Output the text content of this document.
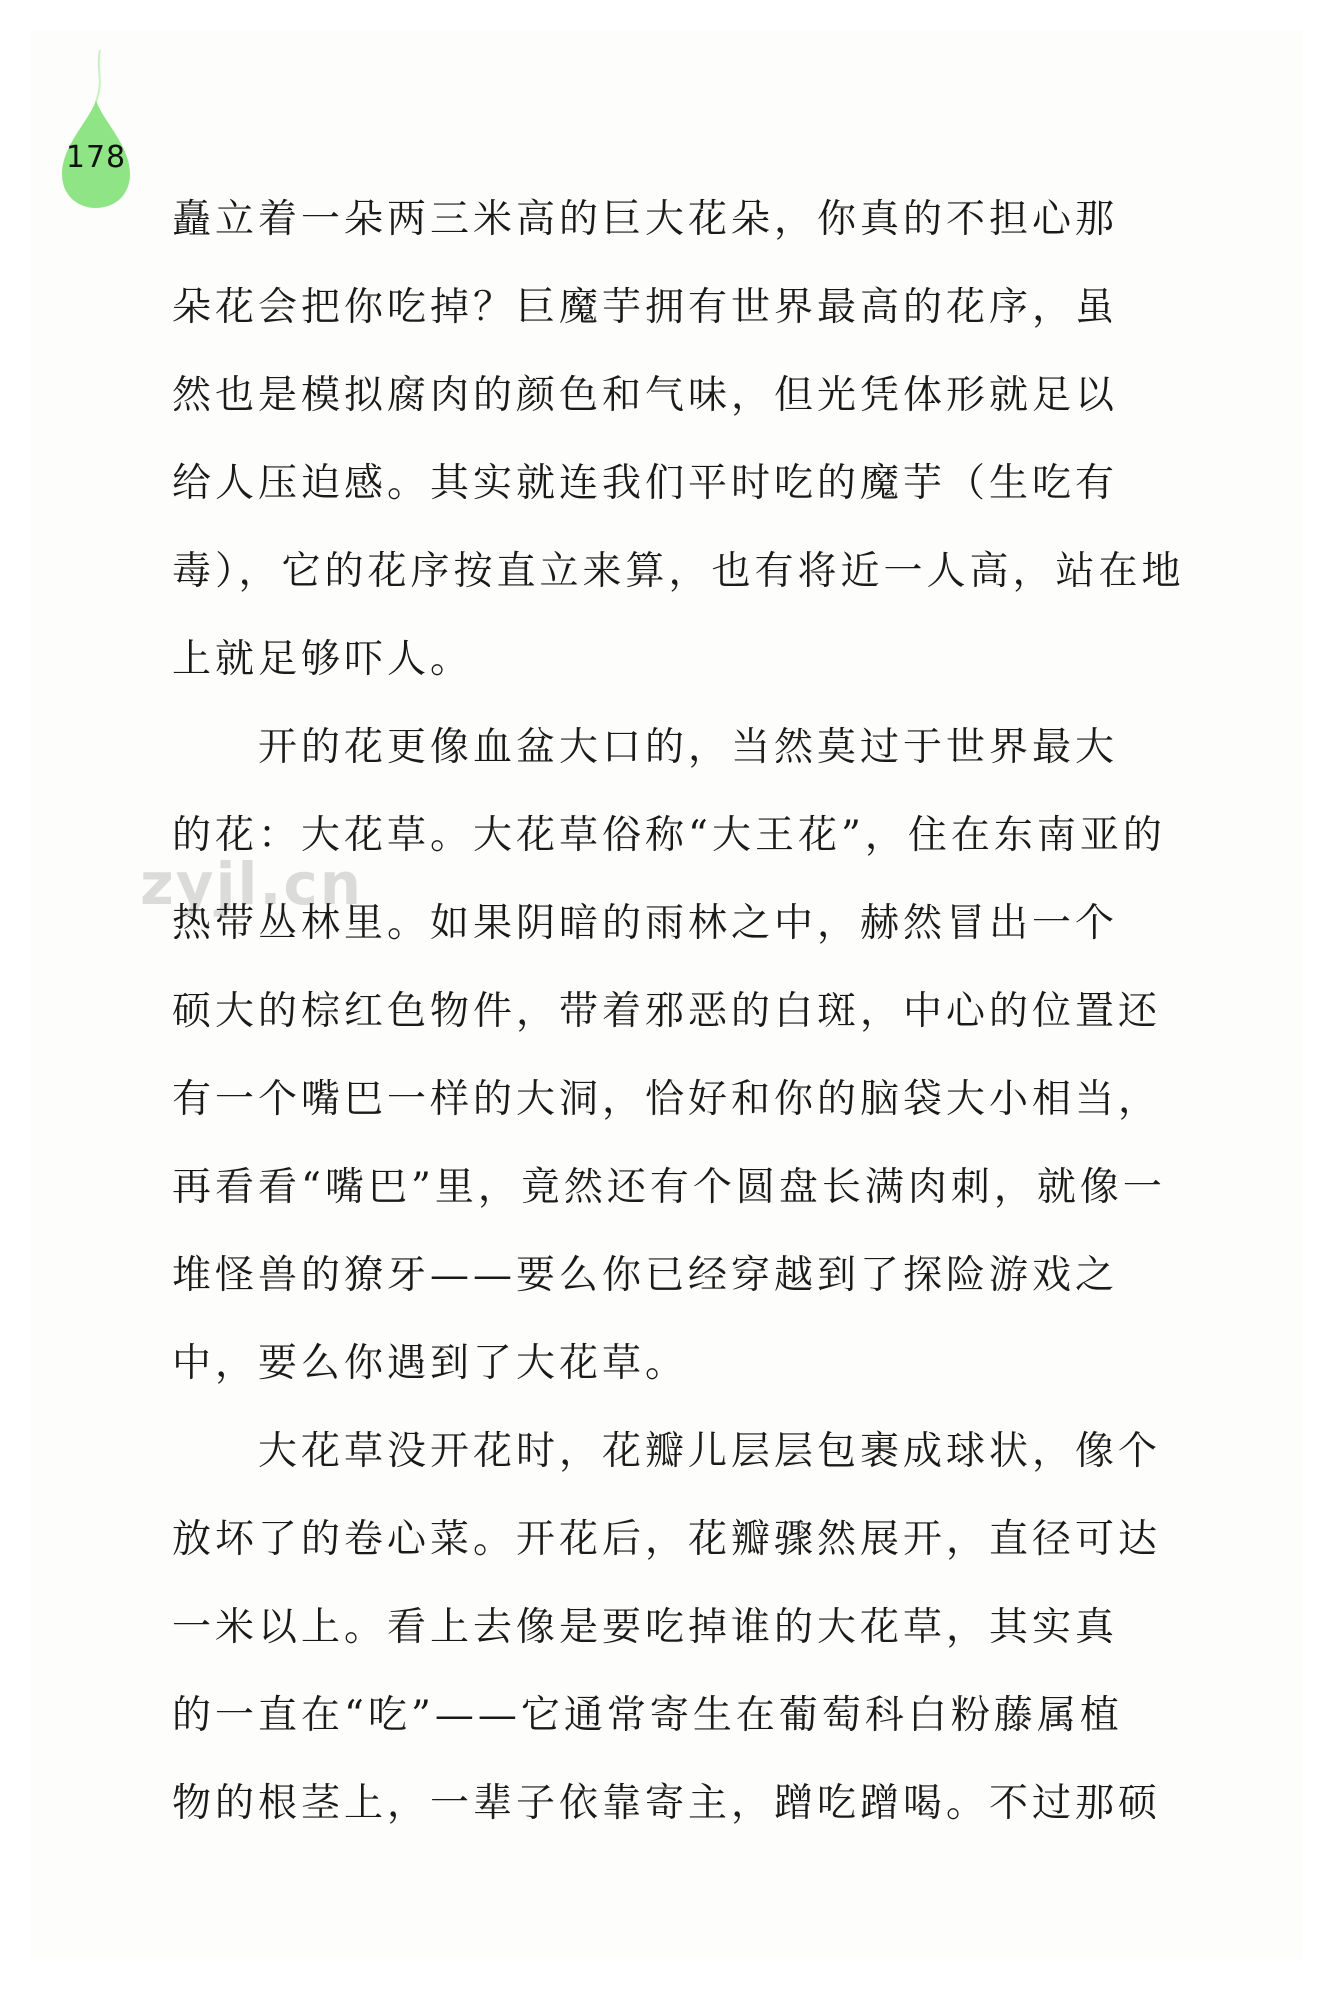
178
zyjl.cn
矗立着一朵两三米高的巨大花朵，你真的不担心那
朵花会把你吃掉？巨魔芋拥有世界最高的花序，虽
然也是模拟腐肉的颜色和气味，但光凭体形就足以
给人压迫感。其实就连我们平时吃的魔芋（生吃有
毒），它的花序按直立来算，也有将近一人高，站在地
上就足够吓人。
　　开的花更像血盆大口的，当然莫过于世界最大
的花：大花草。大花草俗称“大王花”，住在东南亚的
热带丛林里。如果阴暗的雨林之中，赫然冒出一个
硕大的棕红色物件，带着邪恶的白斑，中心的位置还
有一个嘴巴一样的大洞，恰好和你的脑袋大小相当，
再看看“嘴巴”里，竟然还有个圆盘长满肉刺，就像一
堆怪兽的獠牙——要么你已经穿越到了探险游戏之
中，要么你遇到了大花草。
　　大花草没开花时，花瓣儿层层包裹成球状，像个
放坏了的卷心菜。开花后，花瓣骤然展开，直径可达
一米以上。看上去像是要吃掉谁的大花草，其实真
的一直在“吃”——它通常寄生在葡萄科白粉藤属植
物的根茎上，一辈子依靠寄主，蹭吃蹭喝。不过那硕
